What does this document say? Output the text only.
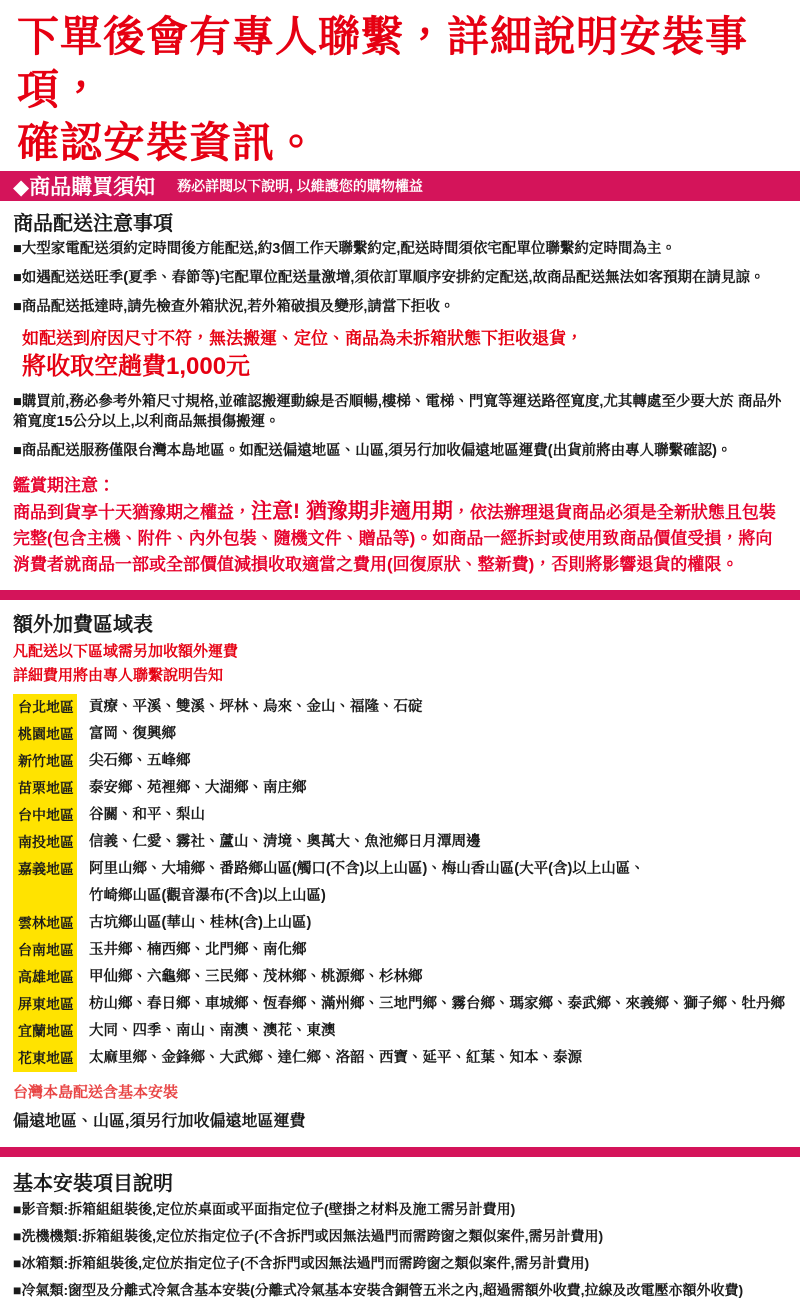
下單後會有專人聯繫，詳細說明安裝事項，
確認安裝資訊。
◆商品購買須知 務必詳閱以下說明, 以維護您的購物權益
商品配送注意事項
■大型家電配送須約定時間後方能配送,約3個工作天聯繫約定,配送時間須依宅配單位聯繫約定時間為主。
■如遇配送送旺季(夏季、春節等)宅配單位配送量激增,須依訂單順序安排約定配送,故商品配送無法如客預期在請見諒。
■商品配送抵達時,請先檢查外箱狀況,若外箱破損及變形,請當下拒收。
如配送到府因尺寸不符，無法搬運、定位、商品為未拆箱狀態下拒收退貨，
將收取空趟費1,000元
■購買前,務必參考外箱尺寸規格,並確認搬運動線是否順暢,樓梯、電梯、門寬等運送路徑寬度,尤其轉處至少要大於 商品外箱寬度15公分以上,以利商品無損傷搬運。
■商品配送服務僅限台灣本島地區。如配送偏遠地區、山區,須另行加收偏遠地區運費(出貨前將由專人聯繫確認)。
鑑賞期注意：

商品到貨享十天猶豫期之權益，注意! 猶豫期非適用期，依法辦理退貨商品必須是全新狀態且包裝完整(包含主機、附件、內外包裝、隨機文件、贈品等)。如商品一經拆封或使用致商品價值受損，將向消費者就商品一部或全部價值減損收取適當之費用(回復原狀、整新費)，否則將影響退貨的權限。

額外加費區域表
凡配送以下區域需另加收額外運費
詳細費用將由專人聯繫說明告知
台北地區 貢療、平溪、雙溪、坪林、烏來、金山、福隆、石碇
桃園地區 富岡、復興鄉
新竹地區 尖石鄉、五峰鄉
苗栗地區 泰安鄉、苑裡鄉、大湖鄉、南庄鄉
台中地區 谷關、和平、梨山
南投地區 信義、仁愛、霧社、蘆山、清境、奧萬大、魚池鄉日月潭周邊
嘉義地區 阿里山鄉、大埔鄉、番路鄉山區(觸口(不含)以上山區)、梅山香山區(大平(含)以上山區、
竹崎鄉山區(觀音瀑布(不含)以上山區)
雲林地區 古坑鄉山區(華山、桂林(含)上山區)
台南地區 玉井鄉、楠西鄉、北門鄉、南化鄉
高雄地區 甲仙鄉、六龜鄉、三民鄉、茂林鄉、桃源鄉、杉林鄉
屏東地區 枋山鄉、春日鄉、車城鄉、恆春鄉、滿州鄉、三地門鄉、霧台鄉、瑪家鄉、泰武鄉、來義鄉、獅子鄉、牡丹鄉
宜蘭地區 大同、四季、南山、南澳、澳花、東澳
花東地區 太麻里鄉、金鋒鄉、大武鄉、達仁鄉、洛韶、西寶、延平、紅葉、知本、泰源
台灣本島配送含基本安裝
偏遠地區、山區,須另行加收偏遠地區運費
基本安裝項目說明
■影音類:拆箱組組裝後,定位於桌面或平面指定位子(壁掛之材料及施工需另計費用)
■洗機機類:拆箱組裝後,定位於指定位子(不含拆門或因無法過門而需跨窗之類似案件,需另計費用)
■冰箱類:拆箱組裝後,定位於指定位子(不含拆門或因無法過門而需跨窗之類似案件,需另計費用)
■冷氣類:窗型及分離式冷氣含基本安裝(分離式冷氣基本安裝含銅管五米之內,超過需額外收費,拉線及改電壓亦額外收費)
